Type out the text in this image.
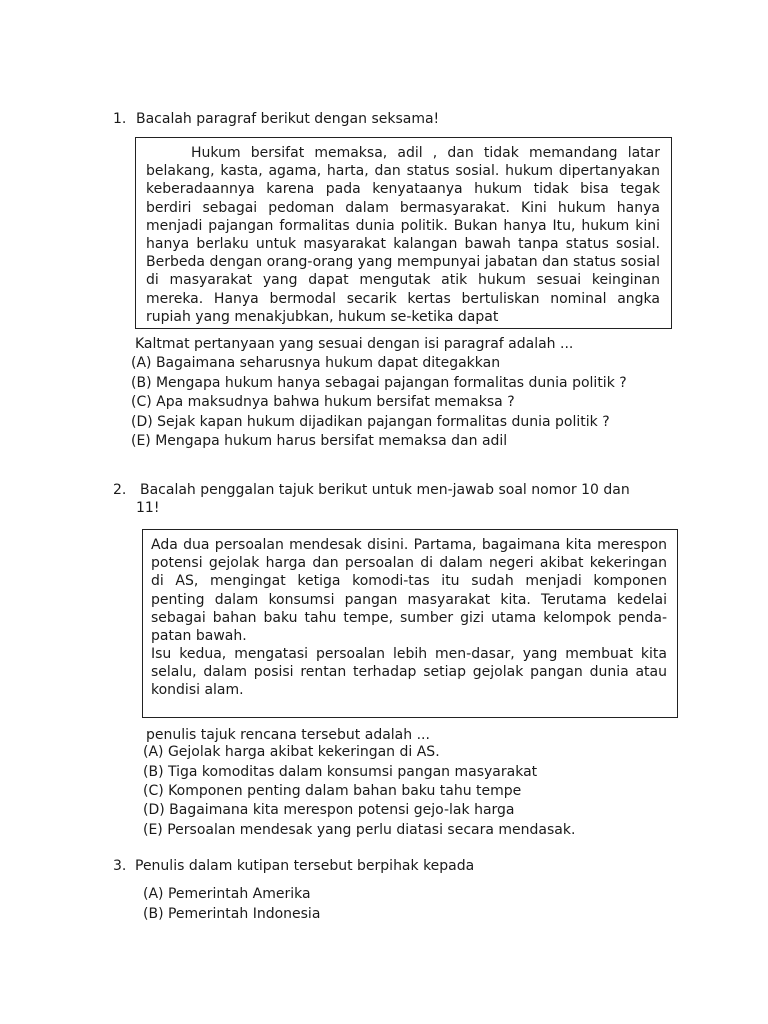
1. Bacalah paragraf berikut dengan seksama!
Hukum bersifat memaksa, adil , dan tidak memandang latar belakang, kasta, agama, harta, dan status sosial. hukum dipertanyakan keberadaannya karena pada kenyataanya hukum tidak bisa tegak berdiri sebagai pedoman dalam bermasyarakat. Kini hukum hanya menjadi pajangan formalitas dunia politik. Bukan hanya Itu, hukum kini hanya berlaku untuk masyarakat kalangan bawah tanpa status sosial. Berbeda dengan orang-orang yang mempunyai jabatan dan status sosial di masyarakat yang dapat mengutak atik hukum sesuai keinginan mereka. Hanya bermodal secarik kertas bertuliskan nominal angka rupiah yang menakjubkan, hukum se-ketika dapat
Kaltmat pertanyaan yang sesuai dengan isi paragraf adalah ...
(A) Bagaimana seharusnya hukum dapat ditegakkan
(B) Mengapa hukum hanya sebagai pajangan formalitas dunia politik ?
(C) Apa maksudnya bahwa hukum bersifat memaksa ?
(D) Sejak kapan hukum dijadikan pajangan formalitas dunia politik ?
(E) Mengapa hukum harus bersifat memaksa dan adil
2. Bacalah penggalan tajuk berikut untuk men-jawab soal nomor 10 dan
11!
Ada dua persoalan mendesak disini. Partama, bagaimana kita merespon potensi gejolak harga dan persoalan di dalam negeri akibat kekeringan di AS, mengingat ketiga komodi-tas itu sudah menjadi komponen penting dalam konsumsi pangan masyarakat kita. Terutama kedelai sebagai bahan baku tahu tempe, sumber gizi utama kelompok penda-patan bawah.
Isu kedua, mengatasi persoalan lebih men-dasar, yang membuat kita selalu, dalam posisi rentan terhadap setiap gejolak pangan dunia atau kondisi alam.
penulis tajuk rencana tersebut adalah ...
(A) Gejolak harga akibat kekeringan di AS.
(B) Tiga komoditas dalam konsumsi pangan masyarakat
(C) Komponen penting dalam bahan baku tahu tempe
(D) Bagaimana kita merespon potensi gejo-lak harga
(E) Persoalan mendesak yang perlu diatasi secara mendasak.
3. Penulis dalam kutipan tersebut berpihak kepada
(A) Pemerintah Amerika
(B) Pemerintah Indonesia
